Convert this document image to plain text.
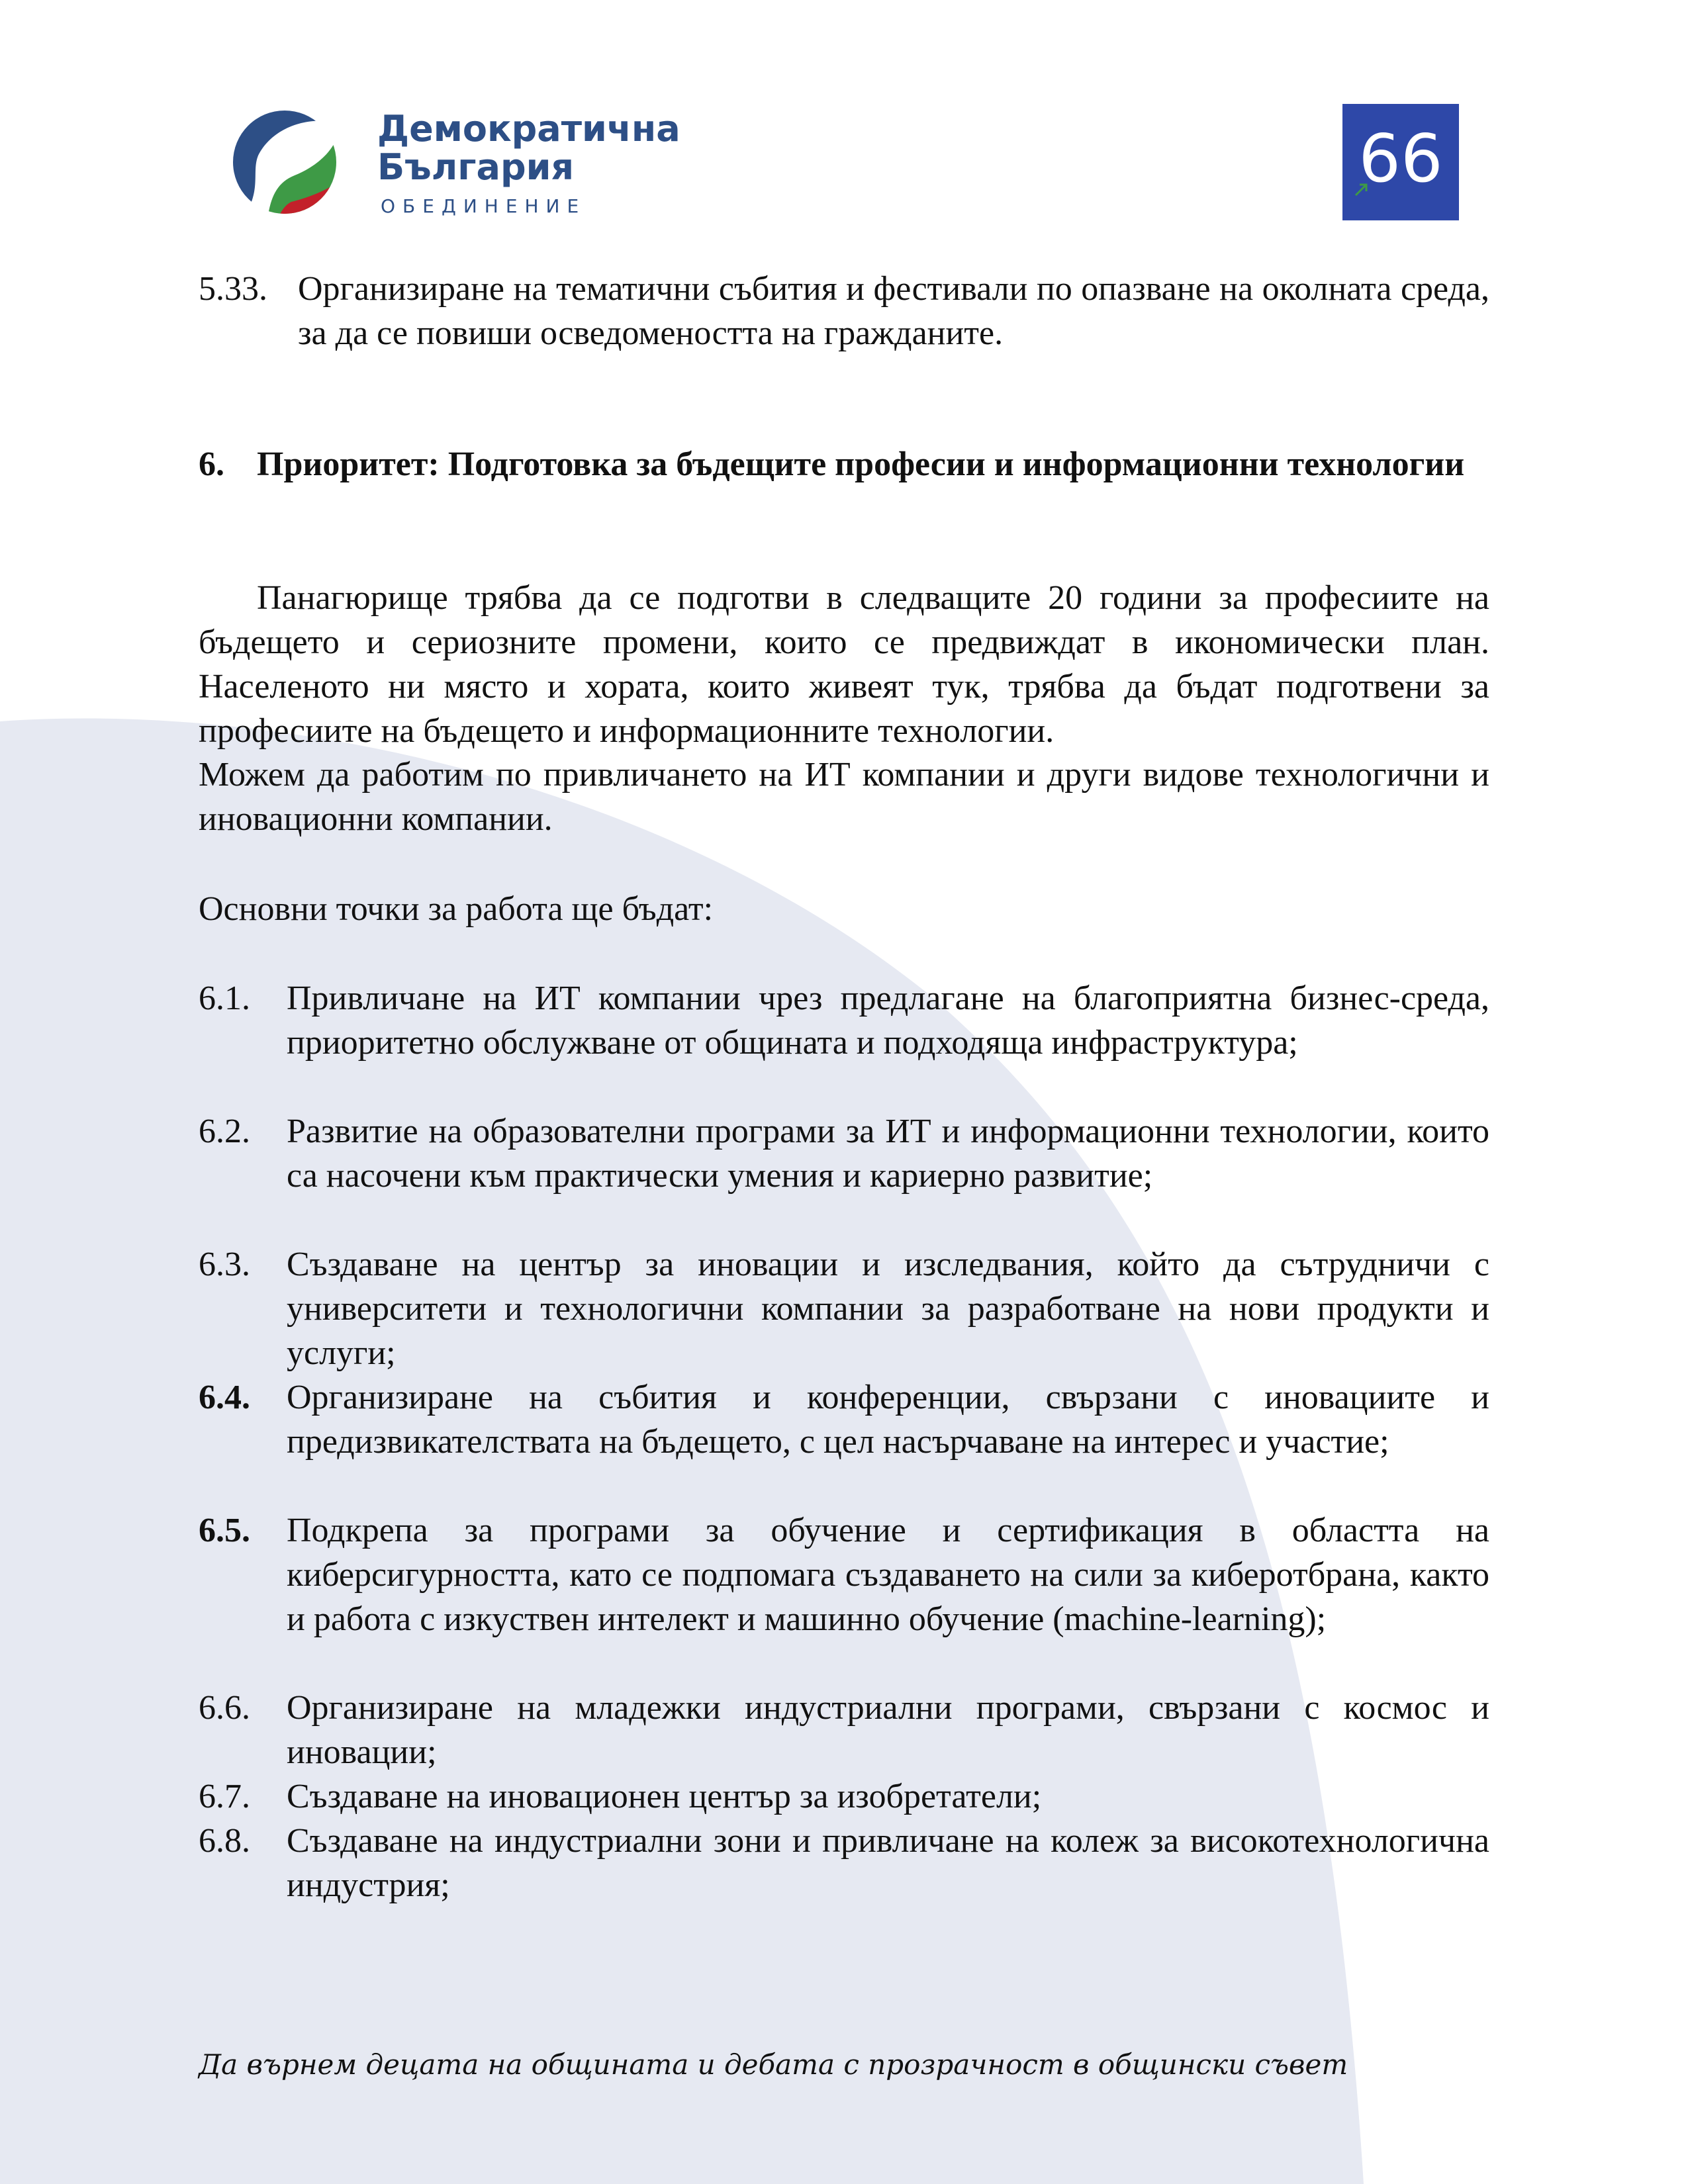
Демократична
България
ОБЕДИНЕНИЕ
66
5.33. Организиране на тематични събития и фестивали по опазване на околната среда, за да се повиши осведомеността на гражданите.
6. Приоритет: Подготовка за бъдещите професии и информационни технологии
Панагюрище трябва да се подготви в следващите 20 години за професиите на бъдещето и сериозните промени, които се предвиждат в икономически план. Населеното ни място и хората, които живеят тук, трябва да бъдат подготвени за професиите на бъдещето и информационните технологии.
Можем да работим по привличането на ИТ компании и други видове технологични и иновационни компании.
Основни точки за работа ще бъдат:
6.1. Привличане на ИТ компании чрез предлагане на благоприятна бизнес-среда, приоритетно обслужване от общината и подходяща инфраструктура;
6.2. Развитие на образователни програми за ИТ и информационни технологии, които са насочени към практически умения и кариерно развитие;
6.3. Създаване на център за иновации и изследвания, който да сътрудничи с университети и технологични компании за разработване на нови продукти и услуги;
6.4. Организиране на събития и конференции, свързани с иновациите и предизвикателствата на бъдещето, с цел насърчаване на интерес и участие;
6.5. Подкрепа за програми за обучение и сертификация в областта на киберсигурността, като се подпомага създаването на сили за киберотбрана, както и работа с изкуствен интелект и машинно обучение (machine-learning);
6.6. Организиране на младежки индустриални програми, свързани с космос и иновации;
6.7. Създаване на иновационен център за изобретатели;
6.8. Създаване на индустриални зони и привличане на колеж за високотехнологична индустрия;
Да върнем децата на общината и дебата с прозрачност в общински съвет
